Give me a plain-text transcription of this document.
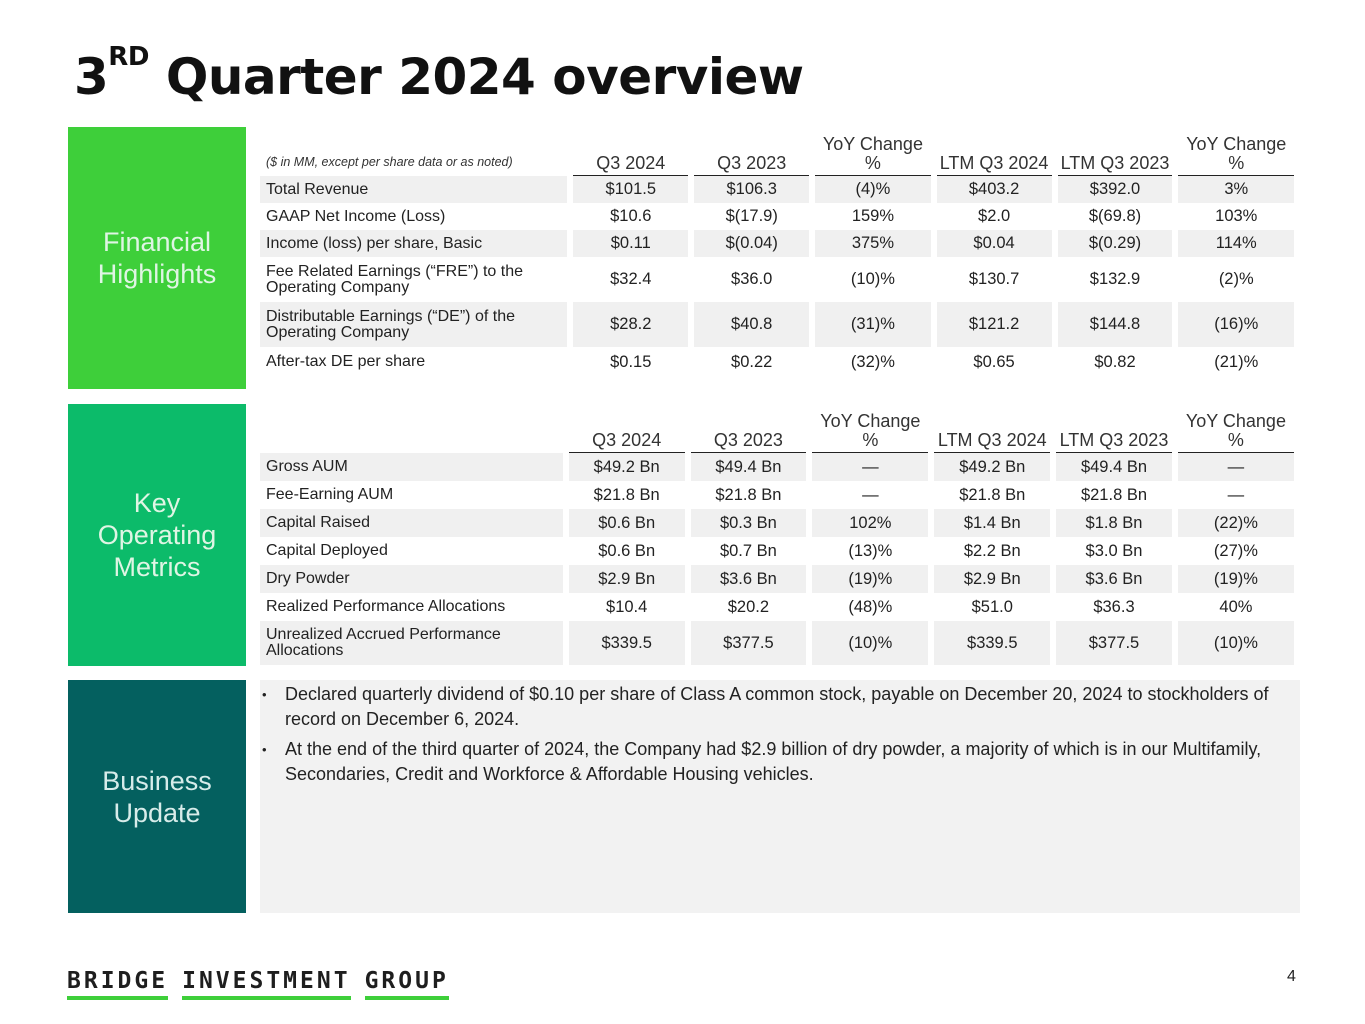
3RD Quarter 2024 overview
Financial Highlights
Key Operating Metrics
Business Update
($ in MM, except per share data or as noted)	Q3 2024	Q3 2023	YoY Change %	LTM Q3 2024	LTM Q3 2023	YoY Change %
Total Revenue	$101.5	$106.3	(4)%	$403.2	$392.0	3%
GAAP Net Income (Loss)	$10.6	$(17.9)	159%	$2.0	$(69.8)	103%
Income (loss) per share, Basic	$0.11	$(0.04)	375%	$0.04	$(0.29)	114%
Fee Related Earnings (“FRE”) to the Operating Company	$32.4	$36.0	(10)%	$130.7	$132.9	(2)%
Distributable Earnings (“DE”) of the Operating Company	$28.2	$40.8	(31)%	$121.2	$144.8	(16)%
After-tax DE per share	$0.15	$0.22	(32)%	$0.65	$0.82	(21)%
	Q3 2024	Q3 2023	YoY Change %	LTM Q3 2024	LTM Q3 2023	YoY Change %
Gross AUM	$49.2 Bn	$49.4 Bn	—	$49.2 Bn	$49.4 Bn	—
Fee-Earning AUM	$21.8 Bn	$21.8 Bn	—	$21.8 Bn	$21.8 Bn	—
Capital Raised	$0.6 Bn	$0.3 Bn	102%	$1.4 Bn	$1.8 Bn	(22)%
Capital Deployed	$0.6 Bn	$0.7 Bn	(13)%	$2.2 Bn	$3.0 Bn	(27)%
Dry Powder	$2.9 Bn	$3.6 Bn	(19)%	$2.9 Bn	$3.6 Bn	(19)%
Realized Performance Allocations	$10.4	$20.2	(48)%	$51.0	$36.3	40%
Unrealized Accrued Performance Allocations	$339.5	$377.5	(10)%	$339.5	$377.5	(10)%
• Declared quarterly dividend of $0.10 per share of Class A common stock, payable on December 20, 2024 to stockholders of record on December 6, 2024.
• At the end of the third quarter of 2024, the Company had $2.9 billion of dry powder, a majority of which is in our Multifamily, Secondaries, Credit and Workforce & Affordable Housing vehicles.
BRIDGE INVESTMENT GROUP	4
